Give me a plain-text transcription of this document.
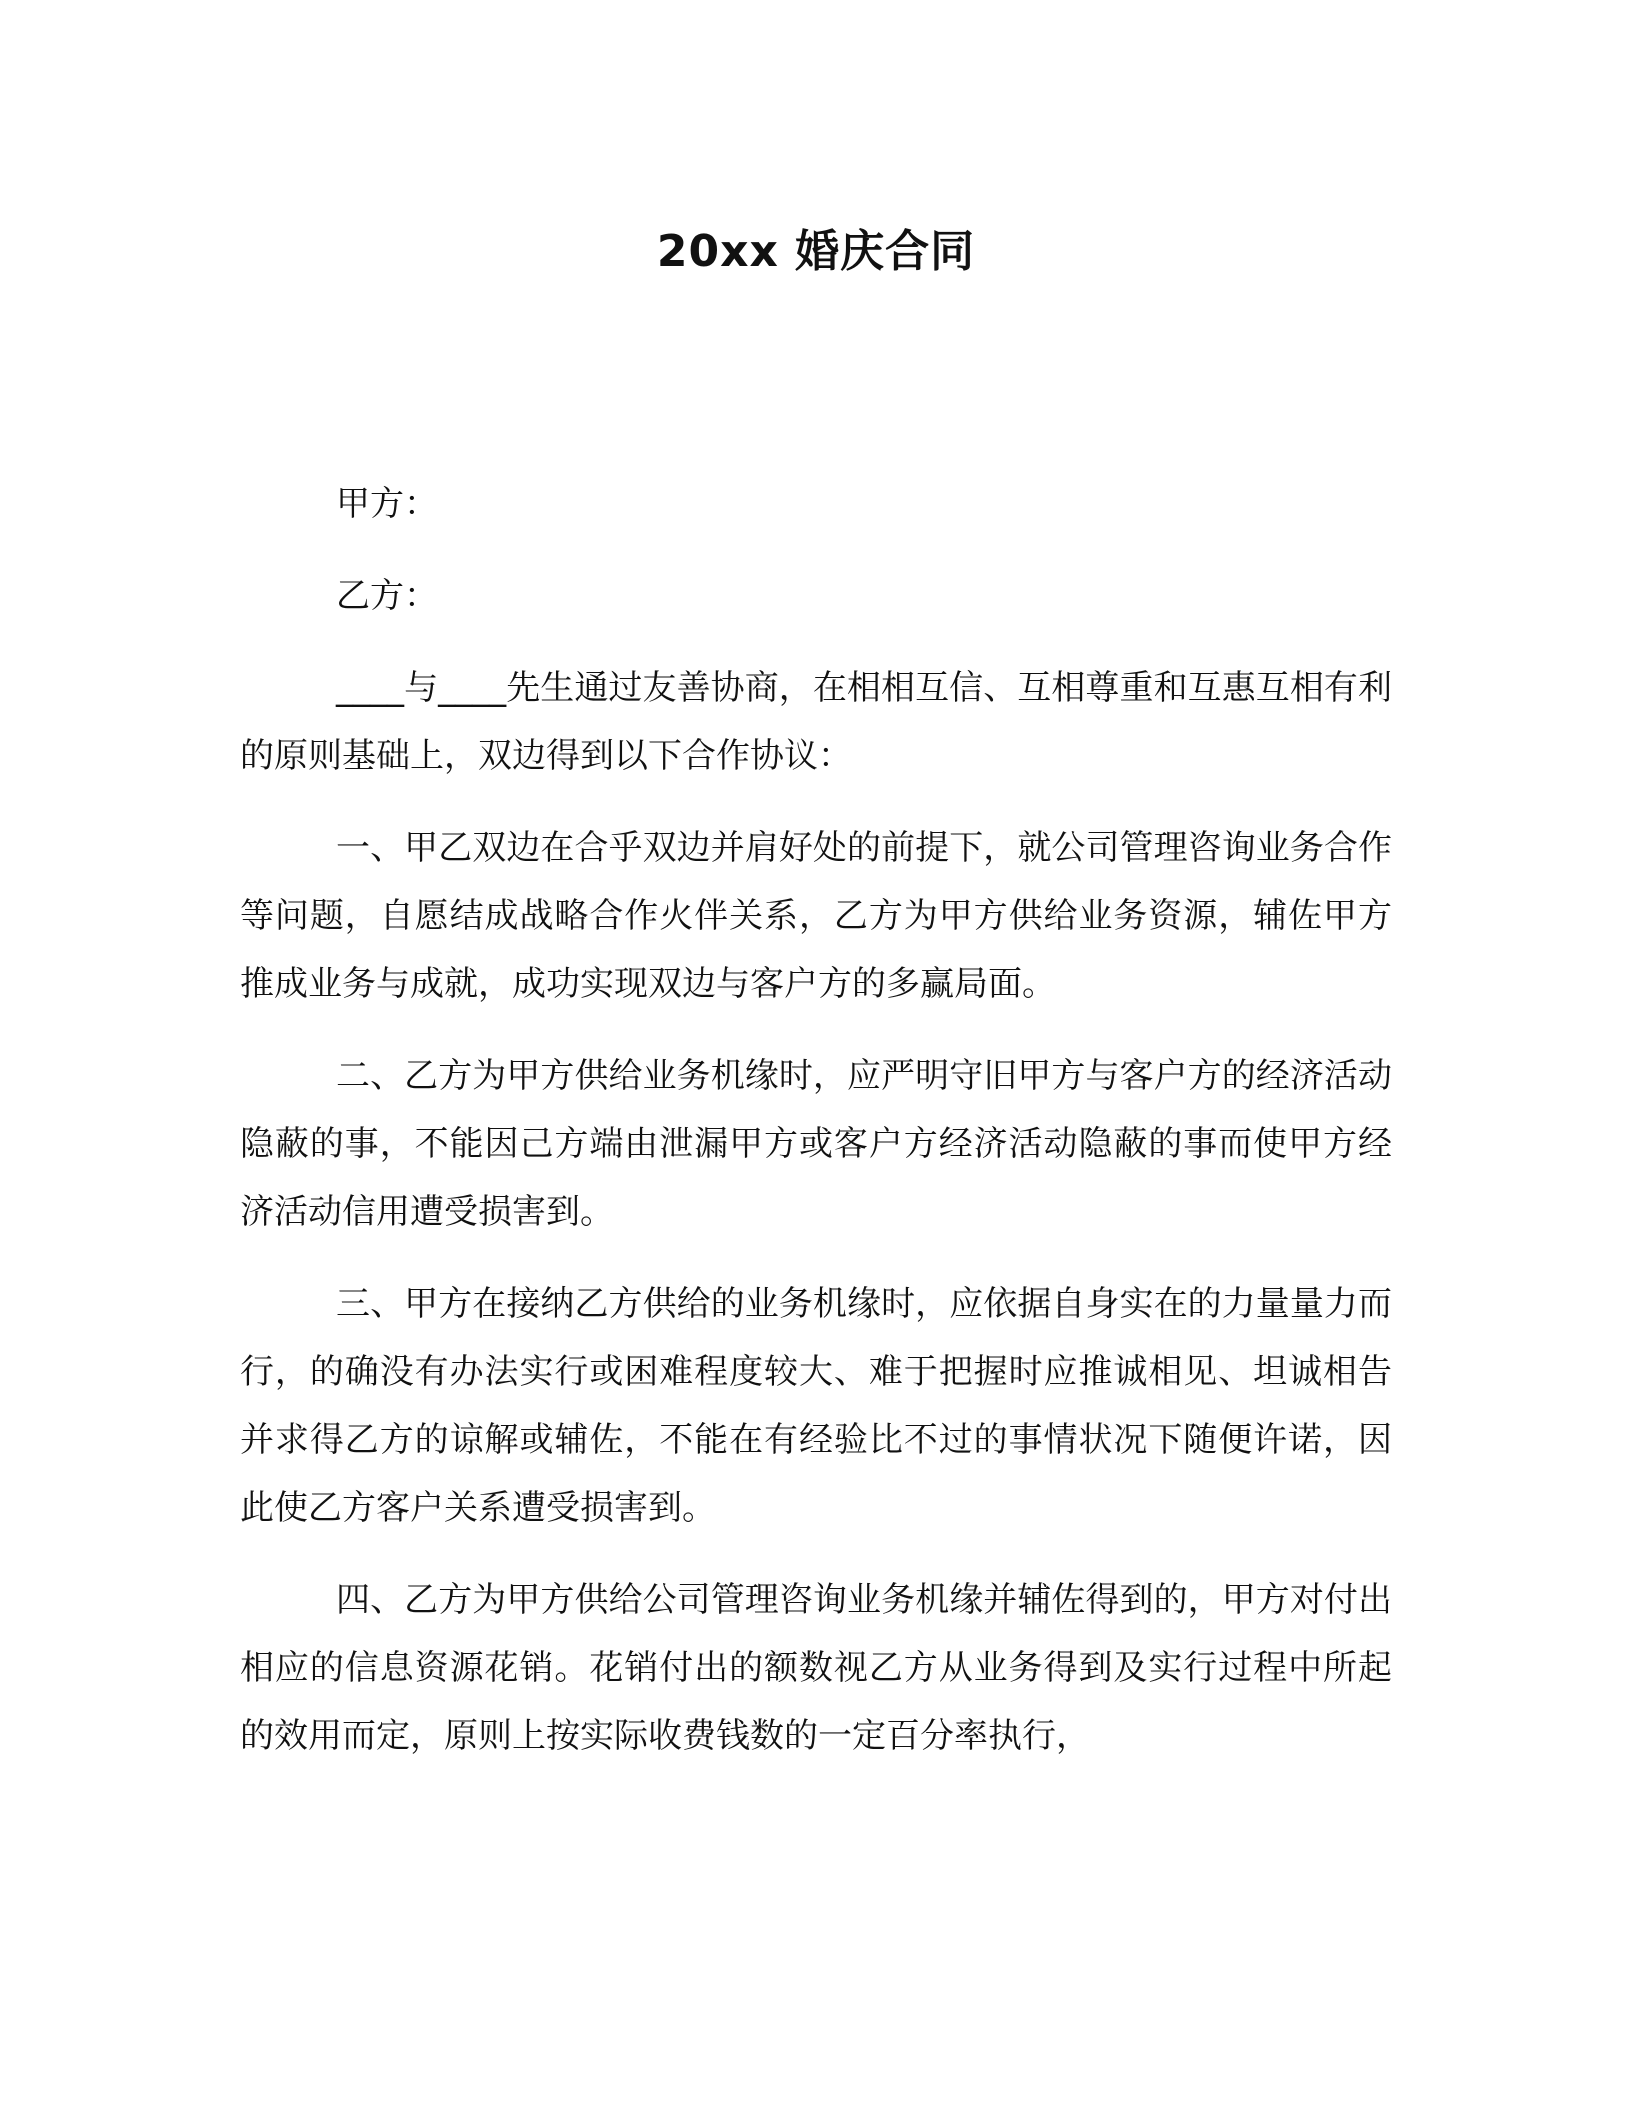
20xx 婚庆合同

甲方：

乙方：

____与____先生通过友善协商，在相相互信、互相尊重和互惠互相有利的原则基础上，双边得到以下合作协议：

一、甲乙双边在合乎双边并肩好处的前提下，就公司管理咨询业务合作等问题，自愿结成战略合作火伴关系，乙方为甲方供给业务资源，辅佐甲方推成业务与成就，成功实现双边与客户方的多赢局面。

二、乙方为甲方供给业务机缘时，应严明守旧甲方与客户方的经济活动隐蔽的事，不能因己方端由泄漏甲方或客户方经济活动隐蔽的事而使甲方经济活动信用遭受损害到。

三、甲方在接纳乙方供给的业务机缘时，应依据自身实在的力量量力而行，的确没有办法实行或困难程度较大、难于把握时应推诚相见、坦诚相告并求得乙方的谅解或辅佐，不能在有经验比不过的事情状况下随便许诺，因此使乙方客户关系遭受损害到。

四、乙方为甲方供给公司管理咨询业务机缘并辅佐得到的，甲方对付出相应的信息资源花销。花销付出的额数视乙方从业务得到及实行过程中所起的效用而定，原则上按实际收费钱数的一定百分率执行，
